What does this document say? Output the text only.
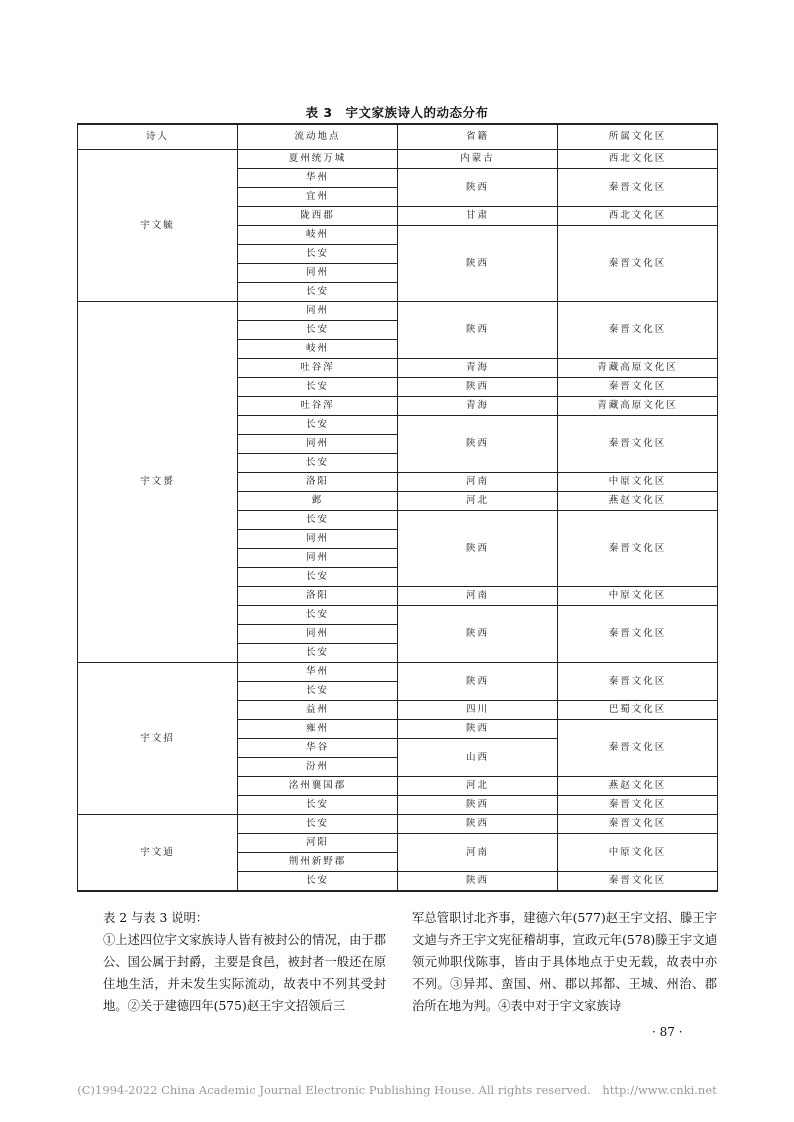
表 3　宇文家族诗人的动态分布
诗人	流动地点	省籍	所属文化区
宇文毓	夏州统万城	内蒙古	西北文化区
	华州	陕西	秦晋文化区
	宜州		
	陇西郡	甘肃	西北文化区
	岐州	陕西	秦晋文化区
	长安		
	同州		
	长安		
宇文赟	同州	陕西	秦晋文化区
	长安		
	岐州		
	吐谷浑	青海	青藏高原文化区
	长安	陕西	秦晋文化区
	吐谷浑	青海	青藏高原文化区
	长安	陕西	秦晋文化区
	同州		
	长安		
	洛阳	河南	中原文化区
	邺	河北	燕赵文化区
	长安	陕西	秦晋文化区
	同州		
	同州		
	长安		
	洛阳	河南	中原文化区
	长安	陕西	秦晋文化区
	同州		
	长安		
宇文招	华州	陕西	秦晋文化区
	长安		
	益州	四川	巴蜀文化区
	雍州	陕西	秦晋文化区
	华谷	山西	
	汾州		
	洺州襄国郡	河北	燕赵文化区
	长安	陕西	秦晋文化区
宇文逌	长安	陕西	秦晋文化区
	河阳	河南	中原文化区
	荆州新野郡		
	长安	陕西	秦晋文化区

表 2 与表 3 说明：

①上述四位宇文家族诗人皆有被封公的情况，由于郡公、国公属于封爵，主要是食邑，被封者一般还在原住地生活，并未发生实际流动，故表中不列其受封地。②关于建德四年(575)赵王宇文招领后三

军总管职讨北齐事，建德六年(577)赵王宇文招、滕王宇文逌与齐王宇文宪征稽胡事，宣政元年(578)滕王宇文逌领元帅职伐陈事，皆由于具体地点于史无载，故表中亦不列。③异邦、蛮国、州、郡以邦都、王城、州治、郡治所在地为判。④表中对于宇文家族诗

· 87 ·
(C)1994-2022 China Academic Journal Electronic Publishing House. All rights reserved.　http://www.cnki.net
